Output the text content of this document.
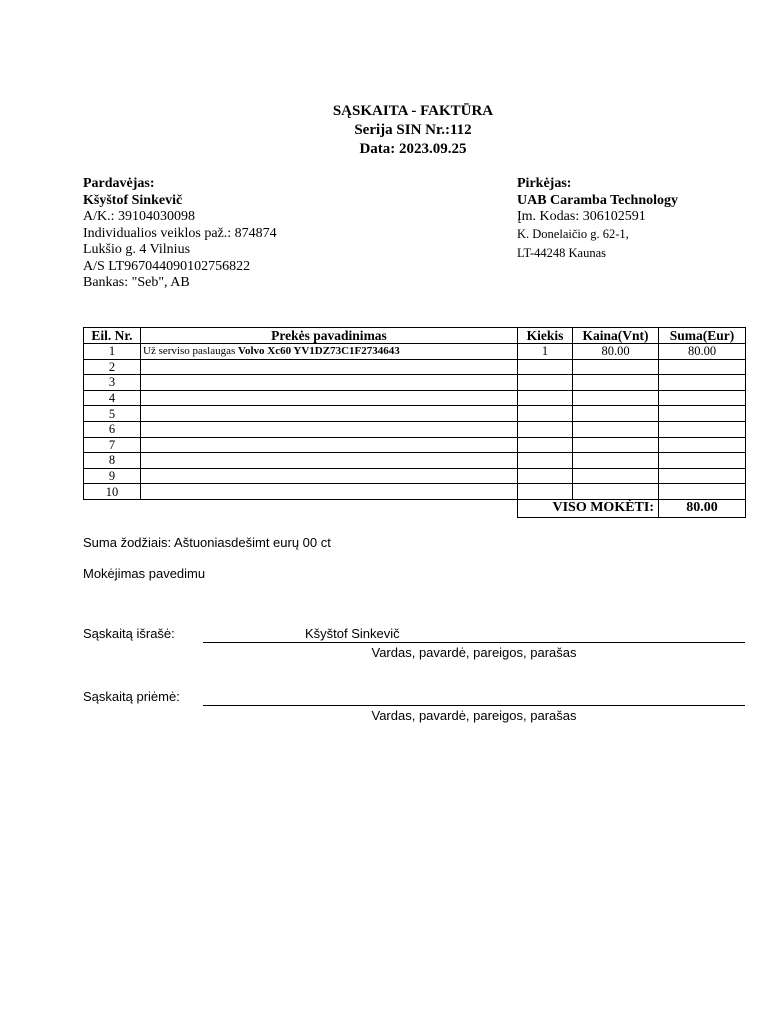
SĄSKAITA - FAKTŪRA
Serija SIN Nr.:112
Data: 2023.09.25
Pardavėjas:
Kšyštof Sinkevič
A/K.: 39104030098
Individualios veiklos pаž.: 874874
Lukšio g. 4 Vilnius
A/S LT967044090102756822
Bankas: "Seb", AB
Pirkėjas:
UAB Caramba Technology
Įm. Kodas: 306102591
K. Donelaičio g. 62-1,
LT-44248 Kaunas
Eil. Nr.	Prekės pavadinimas	Kiekis	Kaina(Vnt)	Suma(Eur)
1	Už serviso paslaugas Volvo Xc60 YV1DZ73C1F2734643	1	80.00	80.00
2				
3				
4				
5				
6				
7				
8				
9				
10				
		VISO MOKĖTI:		80.00
Suma žodžiais: Aštuoniasdešimt eurų 00 ct
Mokėjimas pavedimu
Sąskaitą išrašė:	Kšyštof Sinkevič
Vardas, pavardė, pareigos, parašas
Sąskaitą priėmė:
Vardas, pavardė, pareigos, parašas
